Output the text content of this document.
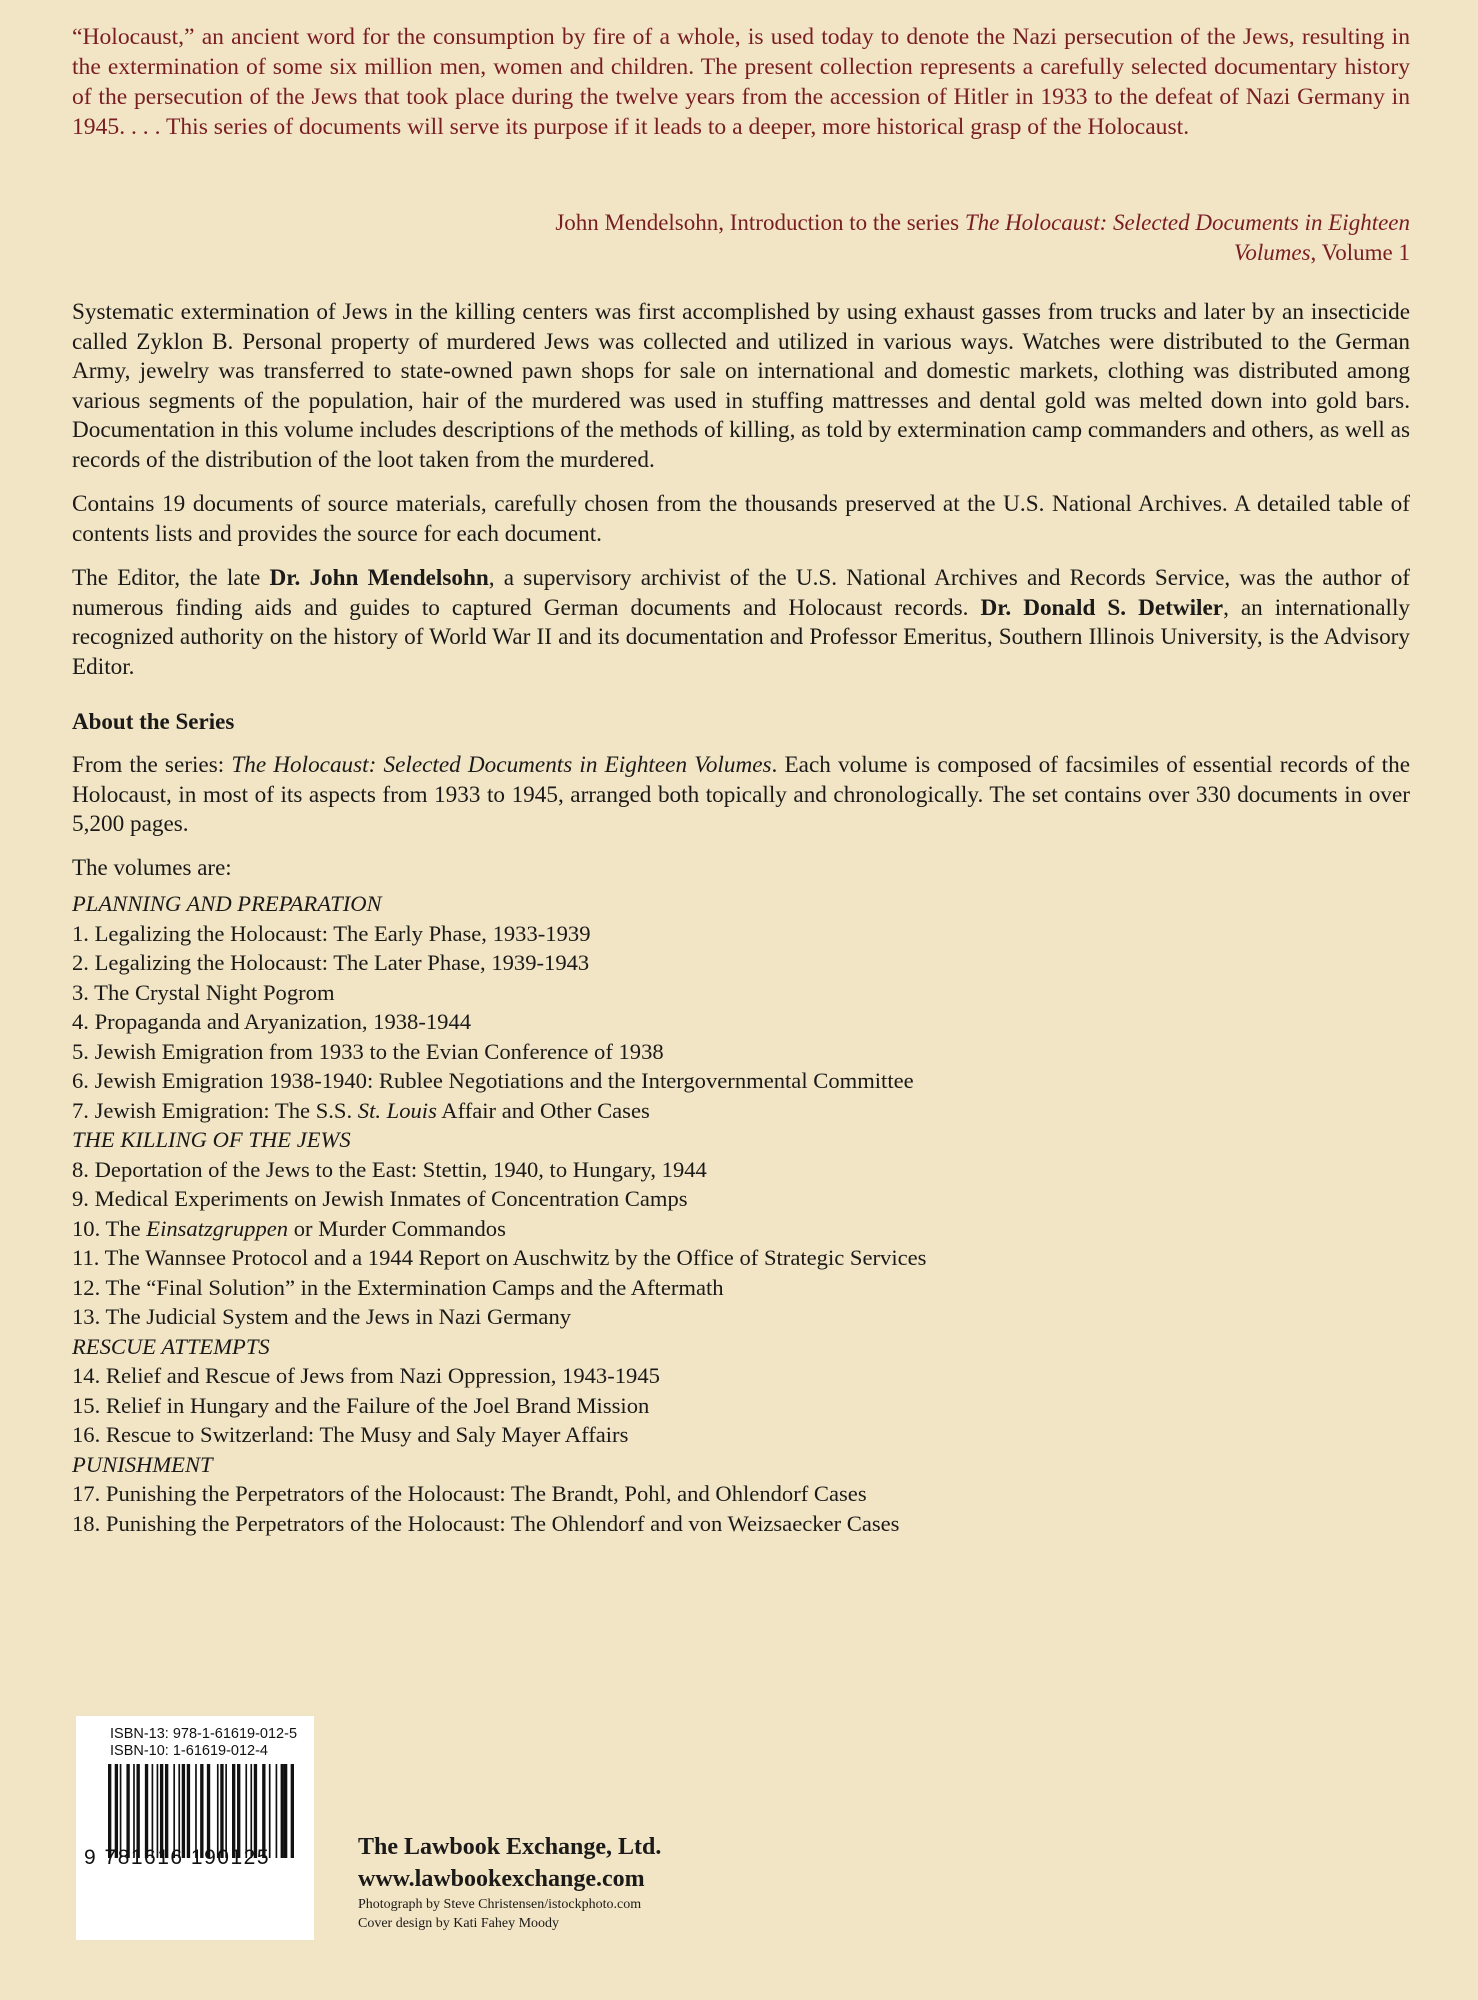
“Holocaust,” an ancient word for the consumption by fire of a whole, is used today to denote the Nazi persecution of the Jews, resulting in the extermination of some six million men, women and children. The present collection represents a carefully selected documentary history of the persecution of the Jews that took place during the twelve years from the accession of Hitler in 1933 to the defeat of Nazi Germany in 1945. . . . This series of documents will serve its purpose if it leads to a deeper, more historical grasp of the Holocaust.

John Mendelsohn, Introduction to the series The Holocaust: Selected Documents in Eighteen Volumes, Volume 1

Systematic extermination of Jews in the killing centers was first accomplished by using exhaust gasses from trucks and later by an insecticide called Zyklon B. Personal property of murdered Jews was collected and utilized in various ways. Watches were distributed to the German Army, jewelry was transferred to state-owned pawn shops for sale on international and domestic markets, clothing was distributed among various segments of the population, hair of the murdered was used in stuffing mattresses and dental gold was melted down into gold bars. Documentation in this volume includes descriptions of the methods of killing, as told by extermination camp commanders and others, as well as records of the distribution of the loot taken from the murdered.

Contains 19 documents of source materials, carefully chosen from the thousands preserved at the U.S. National Archives. A detailed table of contents lists and provides the source for each document.

The Editor, the late Dr. John Mendelsohn, a supervisory archivist of the U.S. National Archives and Records Service, was the author of numerous finding aids and guides to captured German documents and Holocaust records. Dr. Donald S. Detwiler, an internationally recognized authority on the history of World War II and its documentation and Professor Emeritus, Southern Illinois University, is the Advisory Editor.

About the Series

From the series: The Holocaust: Selected Documents in Eighteen Volumes. Each volume is composed of facsimiles of essential records of the Holocaust, in most of its aspects from 1933 to 1945, arranged both topically and chronologically. The set contains over 330 documents in over 5,200 pages.

The volumes are:
PLANNING AND PREPARATION
1. Legalizing the Holocaust: The Early Phase, 1933-1939
2. Legalizing the Holocaust: The Later Phase, 1939-1943
3. The Crystal Night Pogrom
4. Propaganda and Aryanization, 1938-1944
5. Jewish Emigration from 1933 to the Evian Conference of 1938
6. Jewish Emigration 1938-1940: Rublee Negotiations and the Intergovernmental Committee
7. Jewish Emigration: The S.S. St. Louis Affair and Other Cases
THE KILLING OF THE JEWS
8. Deportation of the Jews to the East: Stettin, 1940, to Hungary, 1944
9. Medical Experiments on Jewish Inmates of Concentration Camps
10. The Einsatzgruppen or Murder Commandos
11. The Wannsee Protocol and a 1944 Report on Auschwitz by the Office of Strategic Services
12. The “Final Solution” in the Extermination Camps and the Aftermath
13. The Judicial System and the Jews in Nazi Germany
RESCUE ATTEMPTS
14. Relief and Rescue of Jews from Nazi Oppression, 1943-1945
15. Relief in Hungary and the Failure of the Joel Brand Mission
16. Rescue to Switzerland: The Musy and Saly Mayer Affairs
PUNISHMENT
17. Punishing the Perpetrators of the Holocaust: The Brandt, Pohl, and Ohlendorf Cases
18. Punishing the Perpetrators of the Holocaust: The Ohlendorf and von Weizsaecker Cases
ISBN-13: 978-1-61619-012-5
ISBN-10: 1-61619-012-4
9 781616 190125	The Lawbook Exchange, Ltd.
www.lawbookexchange.com
Photograph by Steve Christensen/istockphoto.com
Cover design by Kati Fahey Moody
